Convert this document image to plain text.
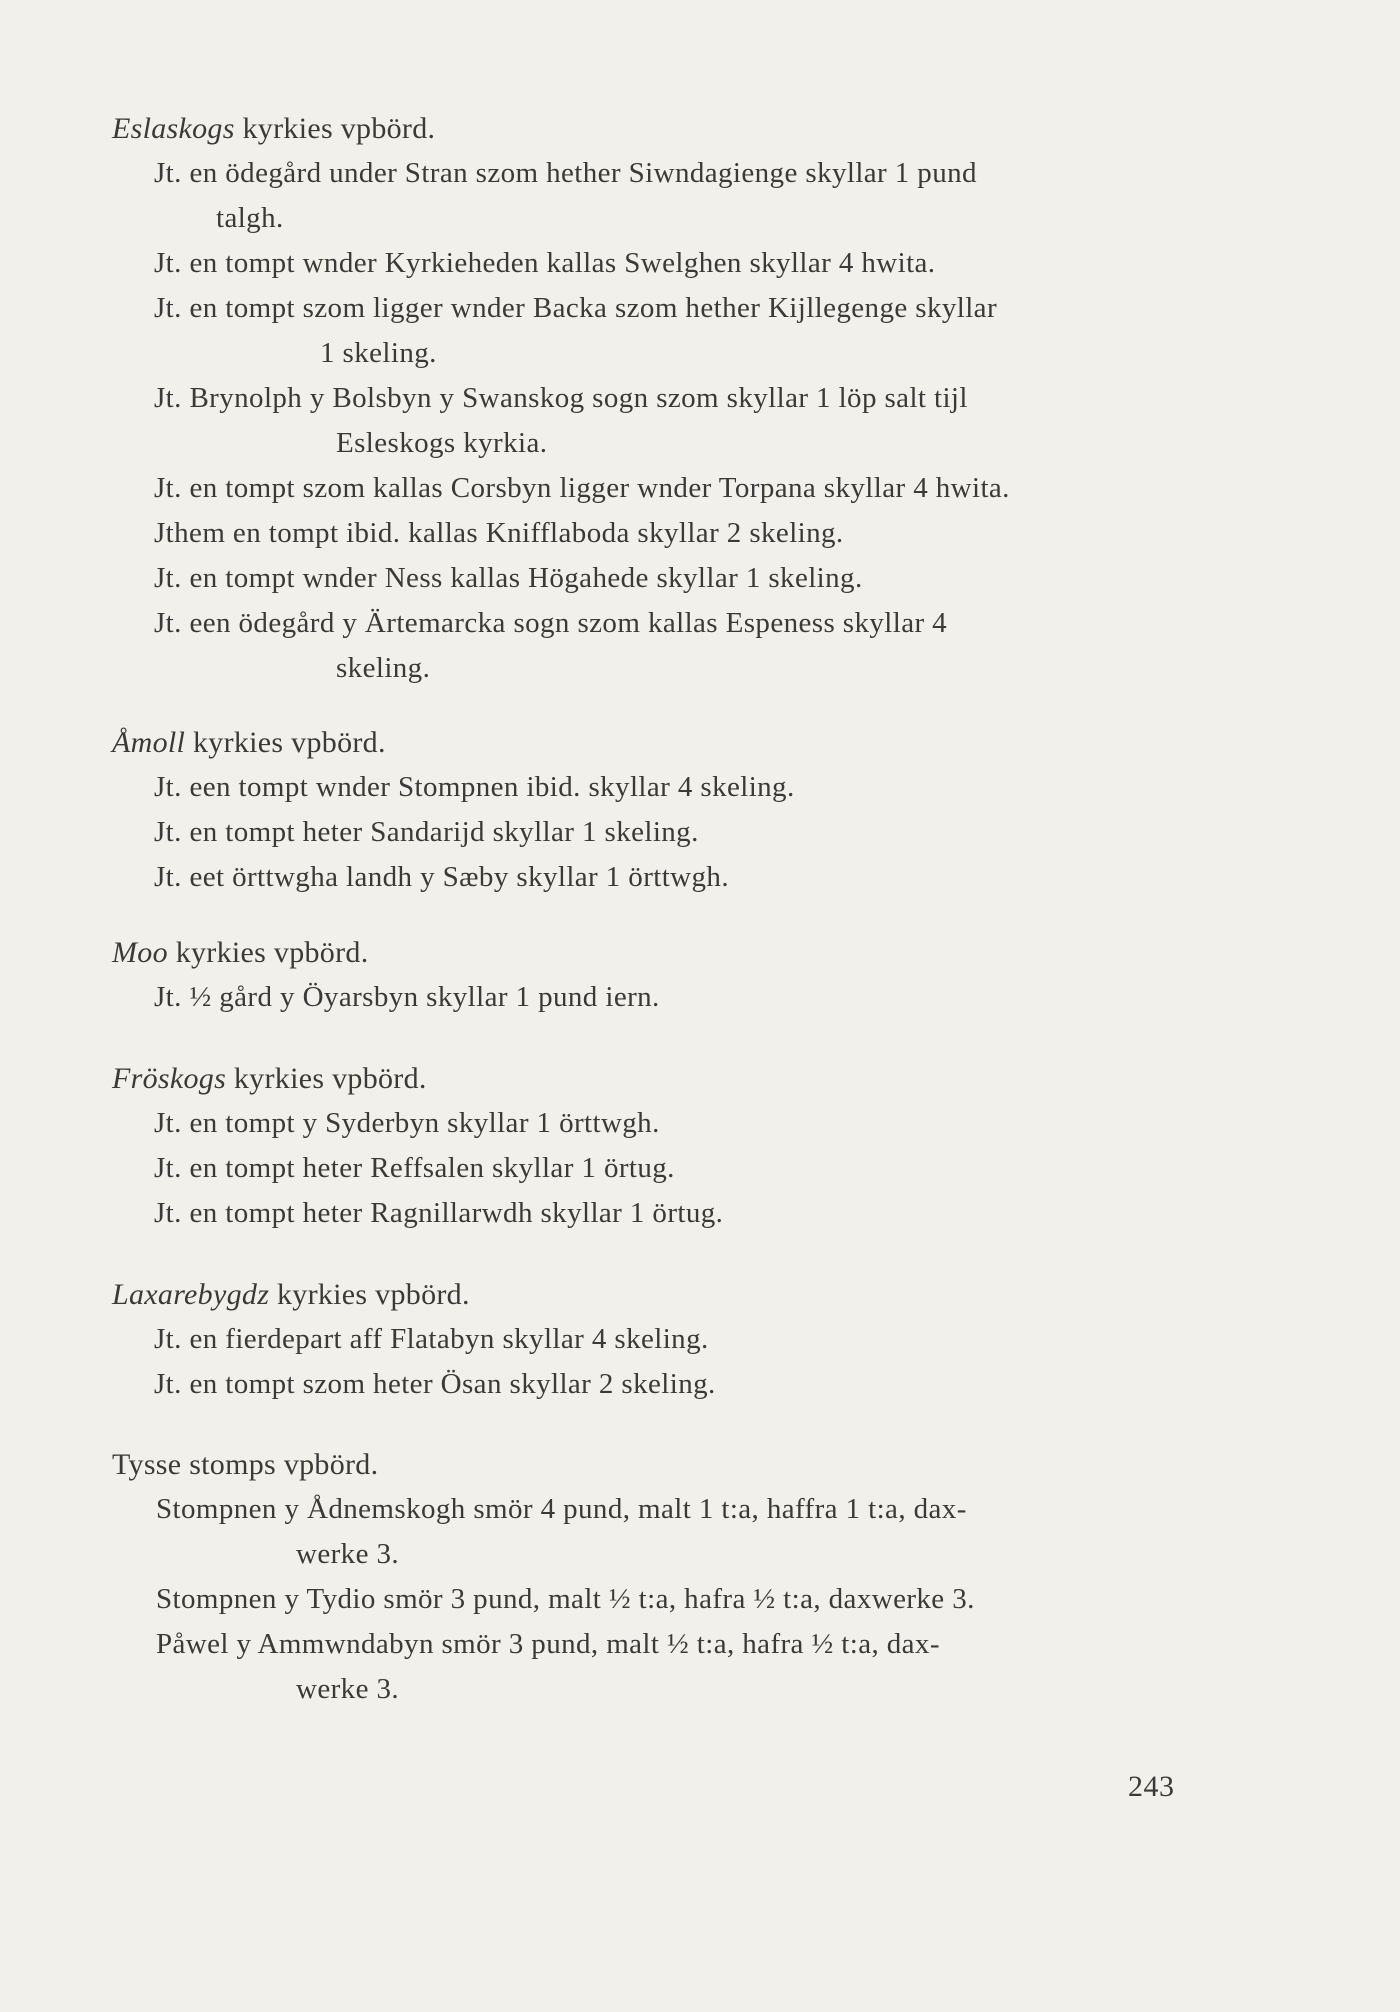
Eslaskogs kyrkies vpbörd.

Jt. en ödegård under Stran szom hether Siwndagienge skyllar 1 pund
talgh.

Jt. en tompt wnder Kyrkieheden kallas Swelghen skyllar 4 hwita.

Jt. en tompt szom ligger wnder Backa szom hether Kijllegenge skyllar
1 skeling.

Jt. Brynolph y Bolsbyn y Swanskog sogn szom skyllar 1 löp salt tijl
Esleskogs kyrkia.

Jt. en tompt szom kallas Corsbyn ligger wnder Torpana skyllar 4 hwita.

Jthem en tompt ibid. kallas Knifflaboda skyllar 2 skeling.

Jt. en tompt wnder Ness kallas Högahede skyllar 1 skeling.

Jt. een ödegård y Ärtemarcka sogn szom kallas Espeness skyllar 4
skeling.

Åmoll kyrkies vpbörd.

Jt. een tompt wnder Stompnen ibid. skyllar 4 skeling.

Jt. en tompt heter Sandarijd skyllar 1 skeling.

Jt. eet örttwgha landh y Sæby skyllar 1 örttwgh.

Moo kyrkies vpbörd.

Jt. ½ gård y Öyarsbyn skyllar 1 pund iern.

Fröskogs kyrkies vpbörd.

Jt. en tompt y Syderbyn skyllar 1 örttwgh.

Jt. en tompt heter Reffsalen skyllar 1 örtug.

Jt. en tompt heter Ragnillarwdh skyllar 1 örtug.

Laxarebygdz kyrkies vpbörd.

Jt. en fierdepart aff Flatabyn skyllar 4 skeling.

Jt. en tompt szom heter Ösan skyllar 2 skeling.

Tysse stomps vpbörd.

Stompnen y Ådnemskogh smör 4 pund, malt 1 t:a, haffra 1 t:a, dax-
werke 3.

Stompnen y Tydio smör 3 pund, malt ½ t:a, hafra ½ t:a, daxwerke 3.

Påwel y Ammwndabyn smör 3 pund, malt ½ t:a, hafra ½ t:a, dax-
werke 3.

243
